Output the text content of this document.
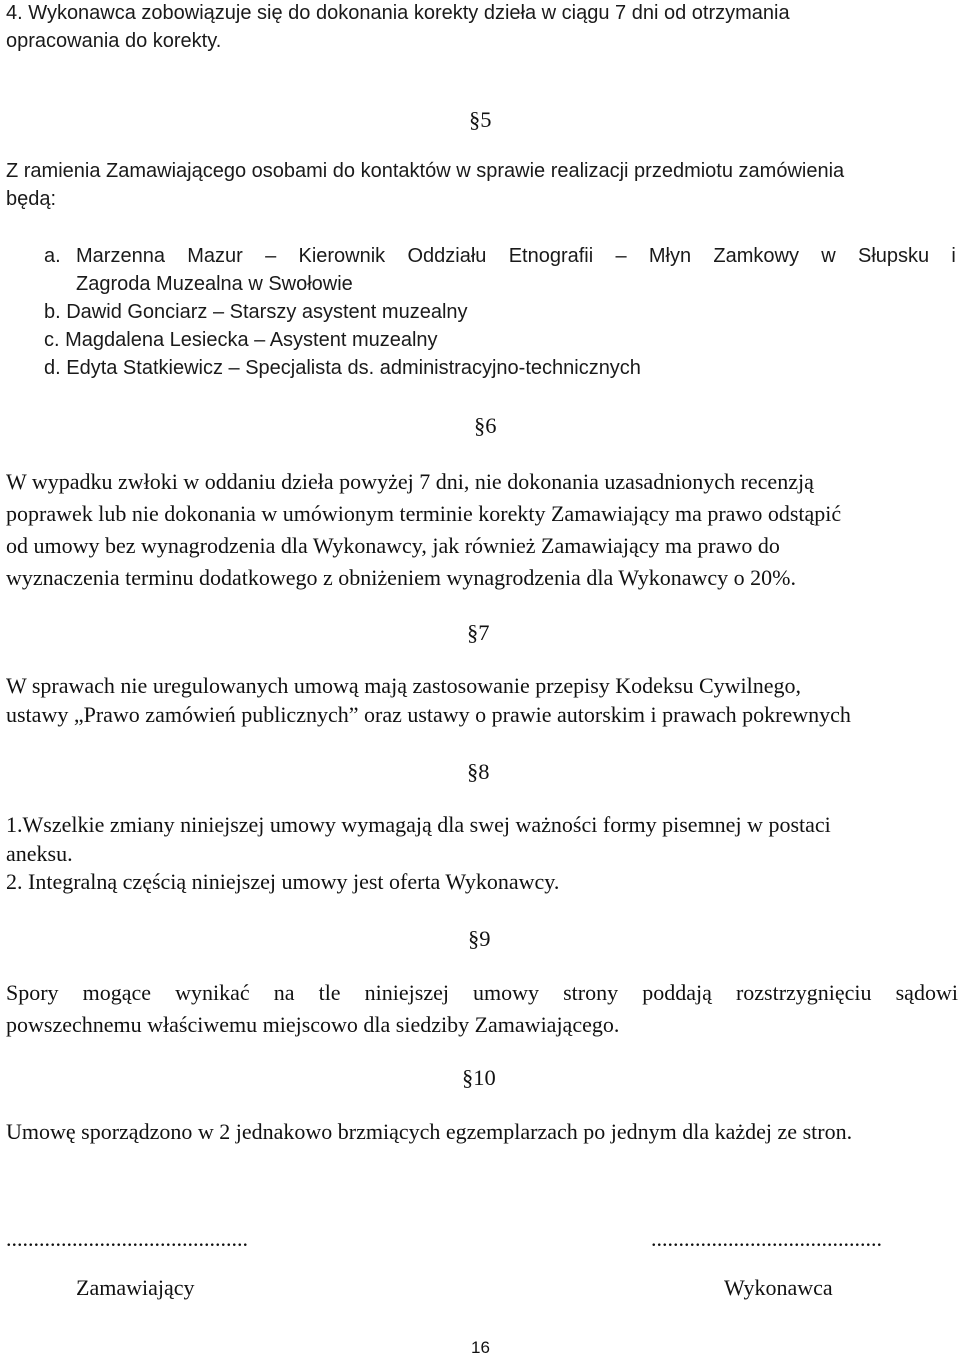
4. Wykonawca zobowiązuje się do dokonania korekty dzieła w ciągu 7 dni od otrzymania
opracowania do korekty.
§5
Z ramienia Zamawiającego osobami do kontaktów w sprawie realizacji przedmiotu zamówienia
będą:
a. Marzenna Mazur – Kierownik Oddziału Etnografii – Młyn Zamkowy w Słupsku i
Zagroda Muzealna w Swołowie
b. Dawid Gonciarz – Starszy asystent muzealny
c. Magdalena Lesiecka – Asystent muzealny
d. Edyta Statkiewicz – Specjalista ds. administracyjno-technicznych
§6
W wypadku zwłoki w oddaniu dzieła powyżej 7 dni, nie dokonania uzasadnionych recenzją
poprawek lub nie dokonania w umówionym terminie korekty Zamawiający ma prawo odstąpić
od umowy bez wynagrodzenia dla Wykonawcy, jak również Zamawiający ma prawo do
wyznaczenia terminu dodatkowego z obniżeniem wynagrodzenia dla Wykonawcy o 20%.
§7
W sprawach nie uregulowanych umową mają zastosowanie przepisy Kodeksu Cywilnego,
ustawy „Prawo zamówień publicznych” oraz ustawy o prawie autorskim i prawach pokrewnych
§8
1.Wszelkie zmiany niniejszej umowy wymagają dla swej ważności formy pisemnej w postaci
aneksu.
2. Integralną częścią niniejszej umowy jest oferta Wykonawcy.
§9
Spory mogące wynikać na tle niniejszej umowy strony poddają rozstrzygnięciu sądowi
powszechnemu właściwemu miejscowo dla siedziby Zamawiającego.
§10
Umowę sporządzono w 2 jednakowo brzmiących egzemplarzach po jednym dla każdej ze stron.
............................................	..........................................
Zamawiający	Wykonawca
16
